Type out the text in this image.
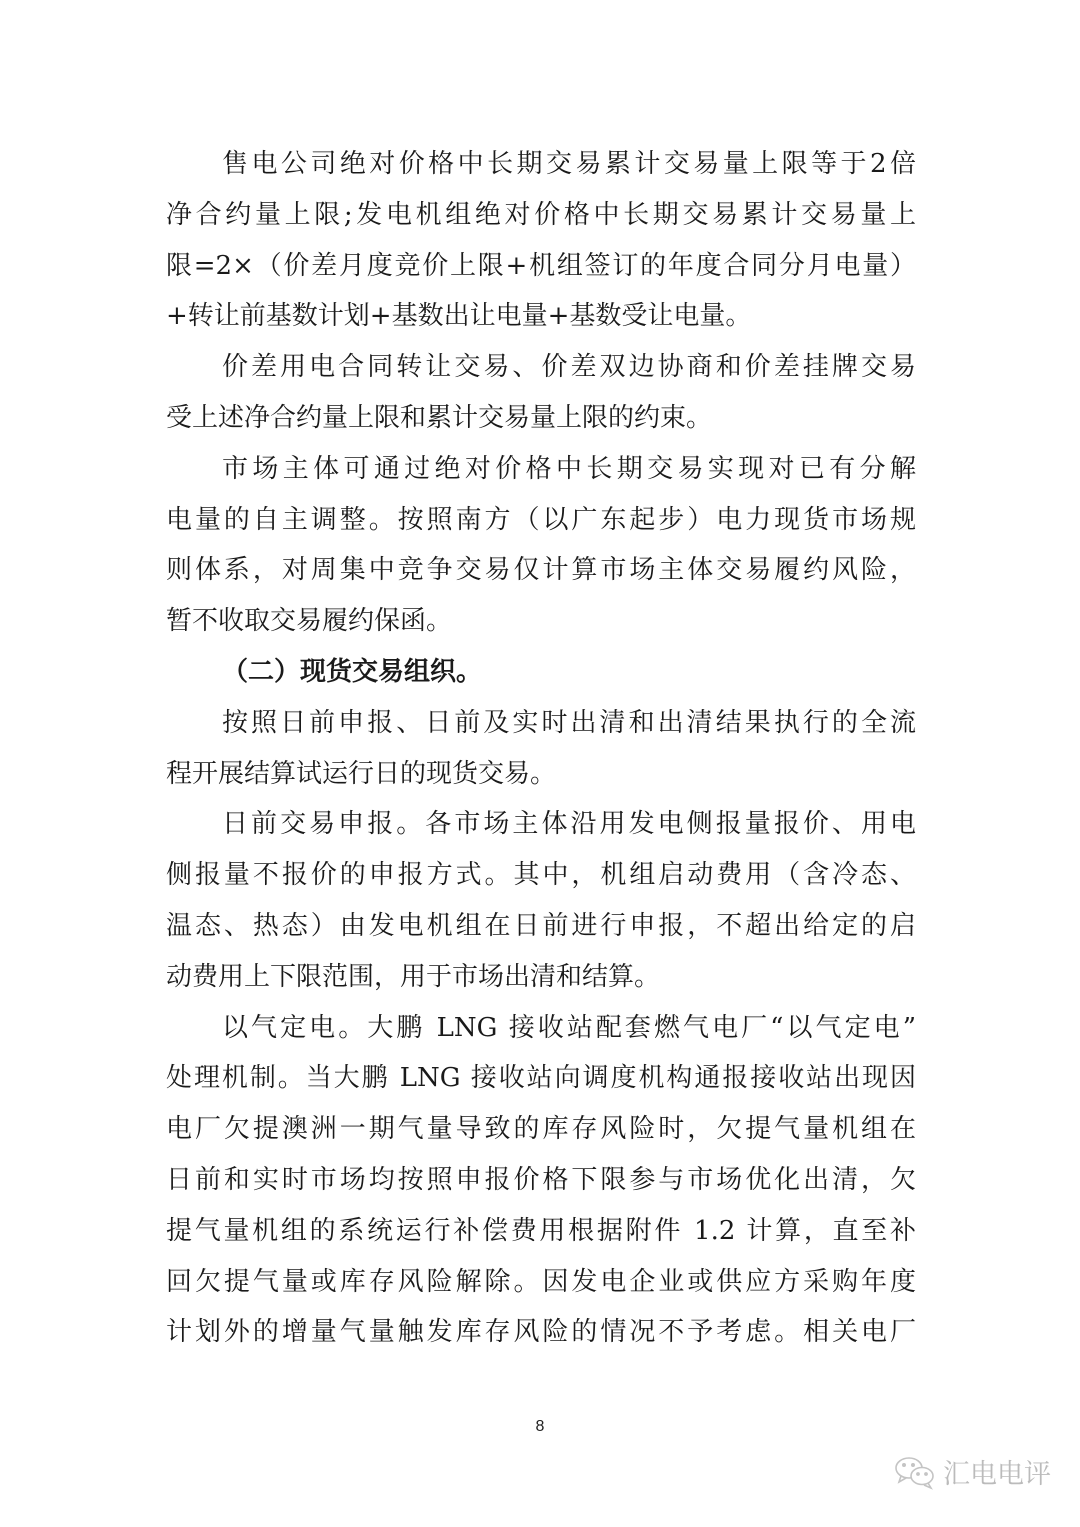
售电公司绝对价格中长期交易累计交易量上限等于2倍
净合约量上限;发电机组绝对价格中长期交易累计交易量上
限=2×（价差月度竞价上限+机组签订的年度合同分月电量）
+转让前基数计划+基数出让电量+基数受让电量。
价差用电合同转让交易、价差双边协商和价差挂牌交易
受上述净合约量上限和累计交易量上限的约束。
市场主体可通过绝对价格中长期交易实现对已有分解
电量的自主调整。按照南方（以广东起步）电力现货市场规
则体系，对周集中竞争交易仅计算市场主体交易履约风险，
暂不收取交易履约保函。
（二）现货交易组织。
按照日前申报、日前及实时出清和出清结果执行的全流
程开展结算试运行日的现货交易。
日前交易申报。各市场主体沿用发电侧报量报价、用电
侧报量不报价的申报方式。其中，机组启动费用（含冷态、
温态、热态）由发电机组在日前进行申报，不超出给定的启
动费用上下限范围，用于市场出清和结算。
以气定电。大鹏 LNG 接收站配套燃气电厂“以气定电”
处理机制。当大鹏 LNG 接收站向调度机构通报接收站出现因
电厂欠提澳洲一期气量导致的库存风险时，欠提气量机组在
日前和实时市场均按照申报价格下限参与市场优化出清，欠
提气量机组的系统运行补偿费用根据附件 1.2 计算，直至补
回欠提气量或库存风险解除。因发电企业或供应方采购年度
计划外的增量气量触发库存风险的情况不予考虑。相关电厂
8
汇电电评
